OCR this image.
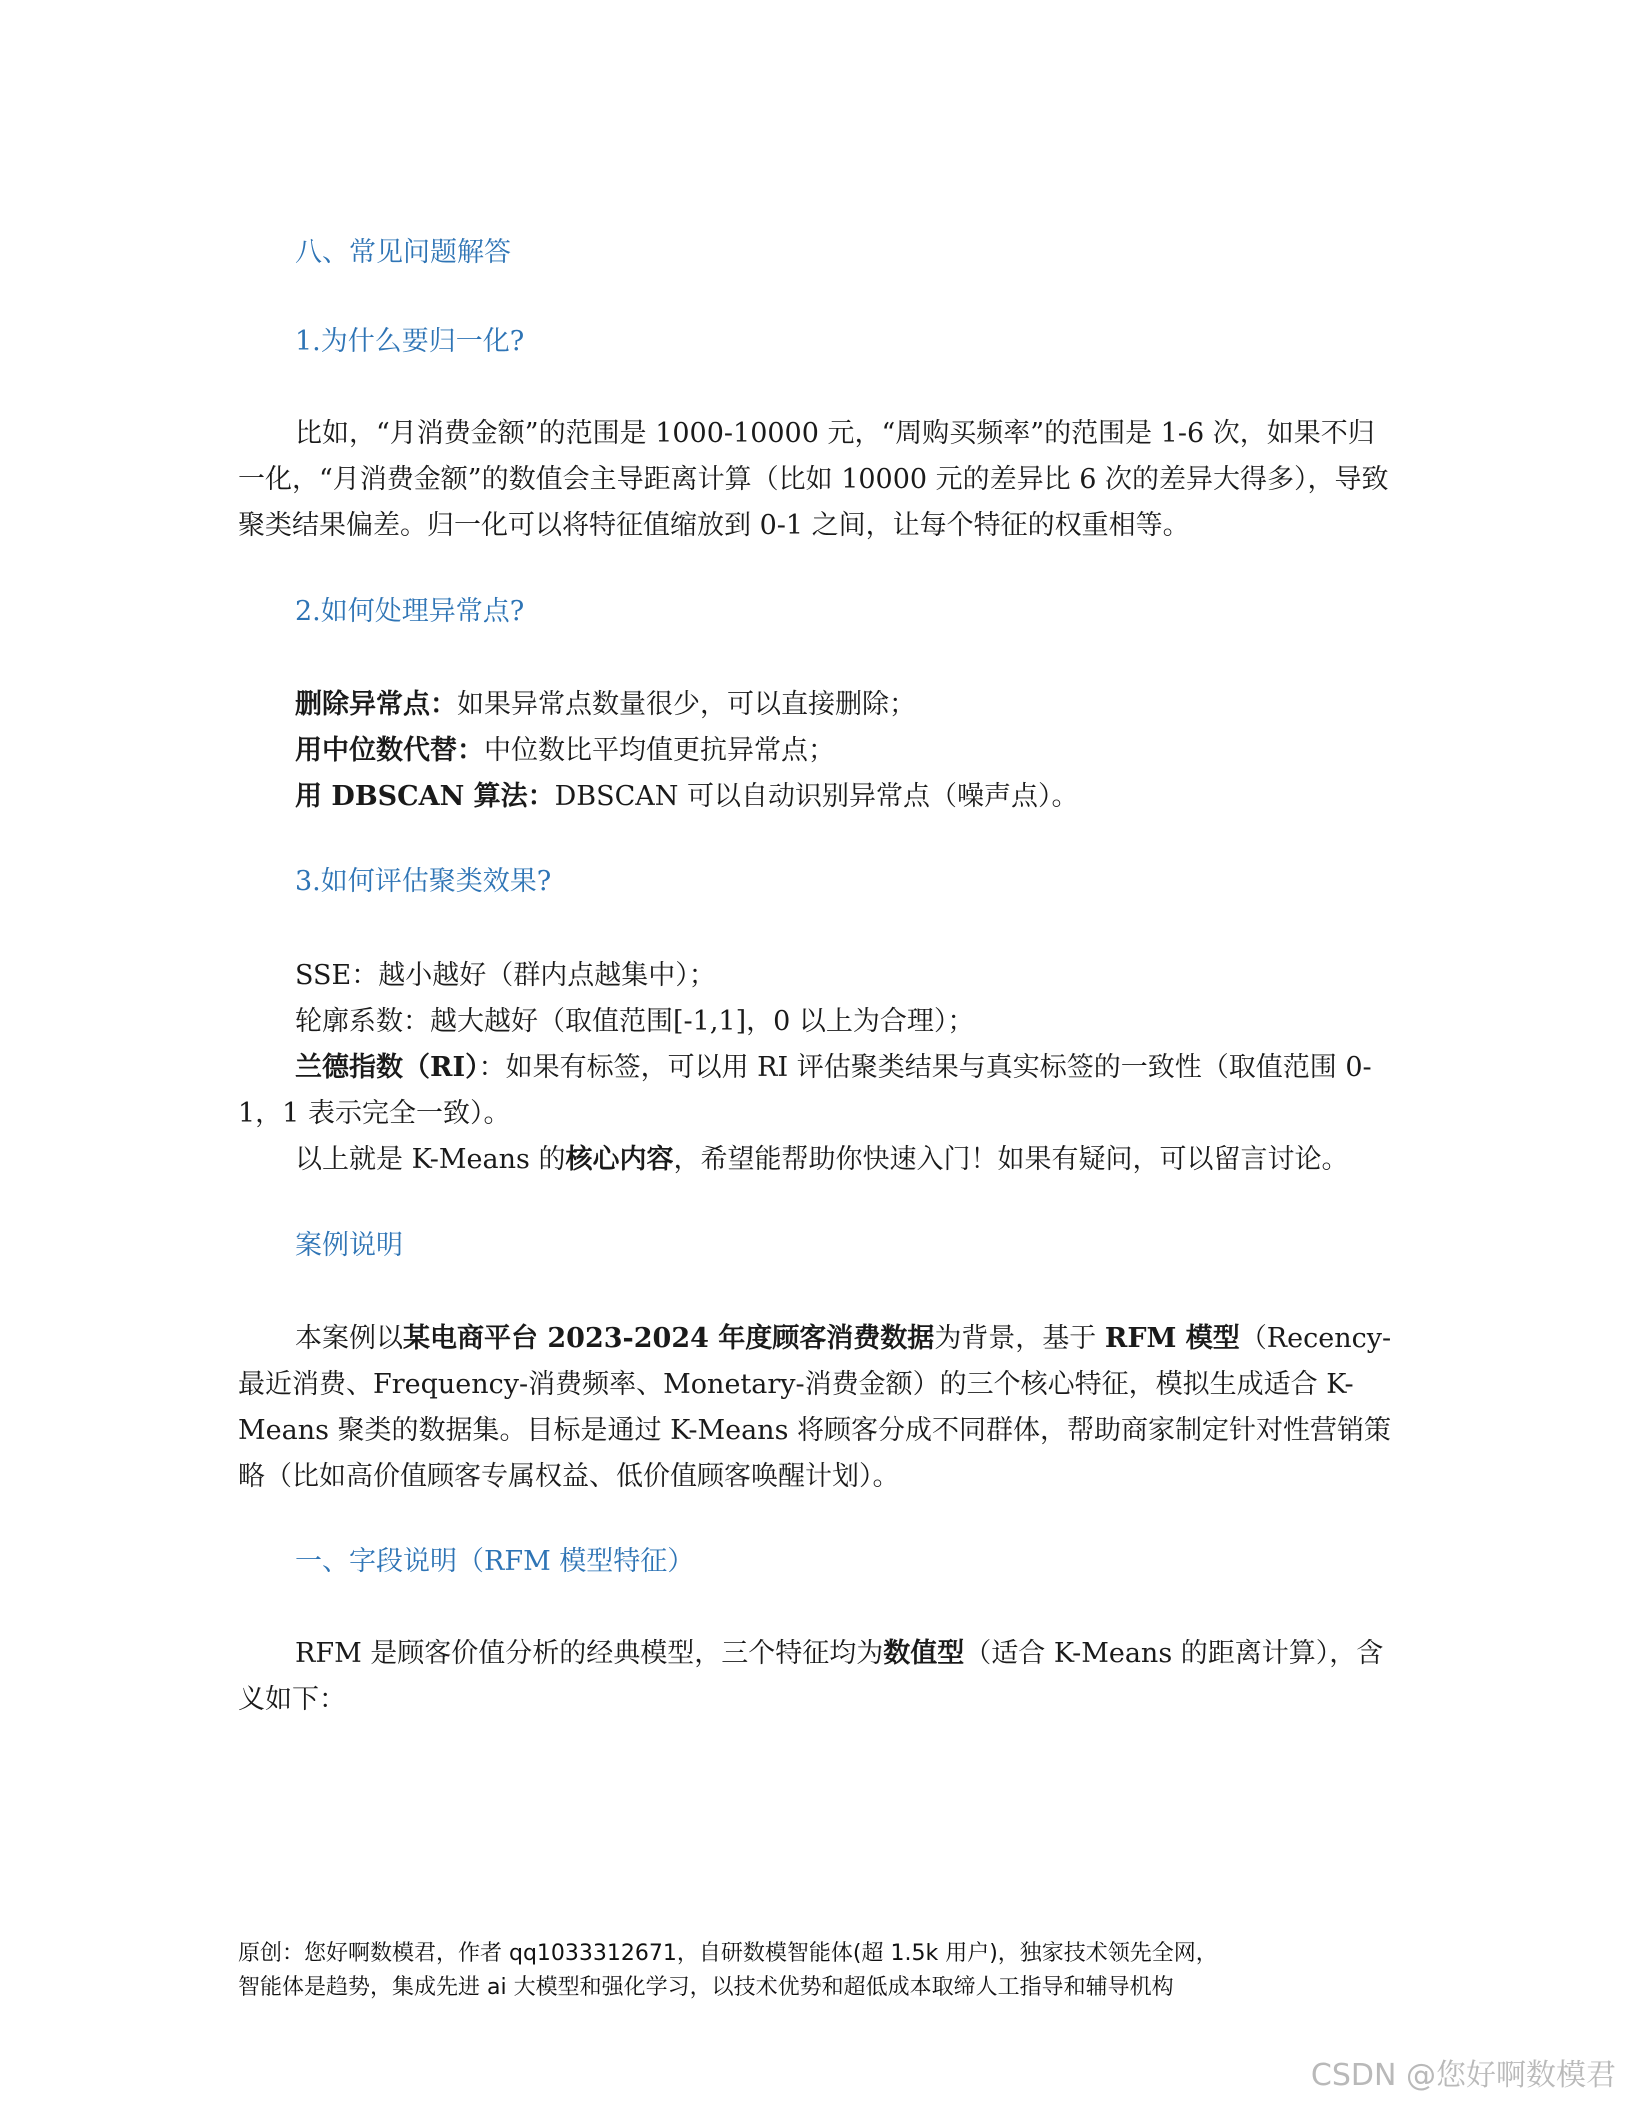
八、常见问题解答
1.为什么要归一化?
比如，“月消费金额”的范围是 1000-10000 元，“周购买频率”的范围是 1-6 次，如果不归一化，“月消费金额”的数值会主导距离计算（比如 10000 元的差异比 6 次的差异大得多），导致聚类结果偏差。归一化可以将特征值缩放到 0-1 之间，让每个特征的权重相等。
2.如何处理异常点?
删除异常点：如果异常点数量很少，可以直接删除；
用中位数代替：中位数比平均值更抗异常点；
用 DBSCAN 算法：DBSCAN 可以自动识别异常点（噪声点）。
3.如何评估聚类效果?
SSE：越小越好（群内点越集中）；
轮廓系数：越大越好（取值范围[-1,1]，0 以上为合理）；
兰德指数（RI）：如果有标签，可以用 RI 评估聚类结果与真实标签的一致性（取值范围 0-1，1 表示完全一致）。
以上就是 K-Means 的核心内容，希望能帮助你快速入门！如果有疑问，可以留言讨论。
案例说明
本案例以某电商平台 2023-2024 年度顾客消费数据为背景，基于 RFM 模型（Recency-最近消费、Frequency-消费频率、Monetary-消费金额）的三个核心特征，模拟生成适合 K-Means 聚类的数据集。目标是通过 K-Means 将顾客分成不同群体，帮助商家制定针对性营销策略（比如高价值顾客专属权益、低价值顾客唤醒计划）。
一、字段说明（RFM 模型特征）
RFM 是顾客价值分析的经典模型，三个特征均为数值型（适合 K-Means 的距离计算），含义如下：
原创：您好啊数模君，作者 qq1033312671，自研数模智能体(超 1.5k 用户)，独家技术领先全网，
智能体是趋势，集成先进 ai 大模型和强化学习，以技术优势和超低成本取缔人工指导和辅导机构
CSDN @您好啊数模君
